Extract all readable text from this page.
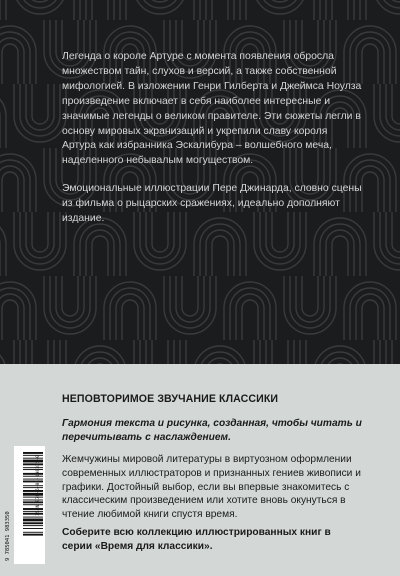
Легенда о короле Артуре с момента появления обросла множеством тайн, слухов и версий, а также собственной мифологией. В изложении Генри Гилберта и Джеймса Ноулза произведение включает в себя наиболее интересные и значимые легенды о великом правителе. Эти сюжеты легли в основу мировых экранизаций и укрепили славу короля Артура как избранника Эскалибура – волшебного меча, наделенного небывалым могуществом.

Эмоциональные иллюстрации Пере Джинарда, словно сцены из фильма о рыцарских сражениях, идеально дополняют издание.

НЕПОВТОРИМОЕ ЗВУЧАНИЕ КЛАССИКИ
Гармония текста и рисунка, созданная, чтобы читать и перечитывать с наслаждением.
Жемчужины мировой литературы в виртуозном оформлении современных иллюстраторов и признанных гениев живописи и графики. Достойный выбор, если вы впервые знакомитесь с классическим произведением или хотите вновь окунуться в чтение любимой книги спустя время.
Соберите всю коллекцию иллюстрированных книг в серии «Время для классики».
9 785041 983350
ISBN 978-5-04-198335-0
